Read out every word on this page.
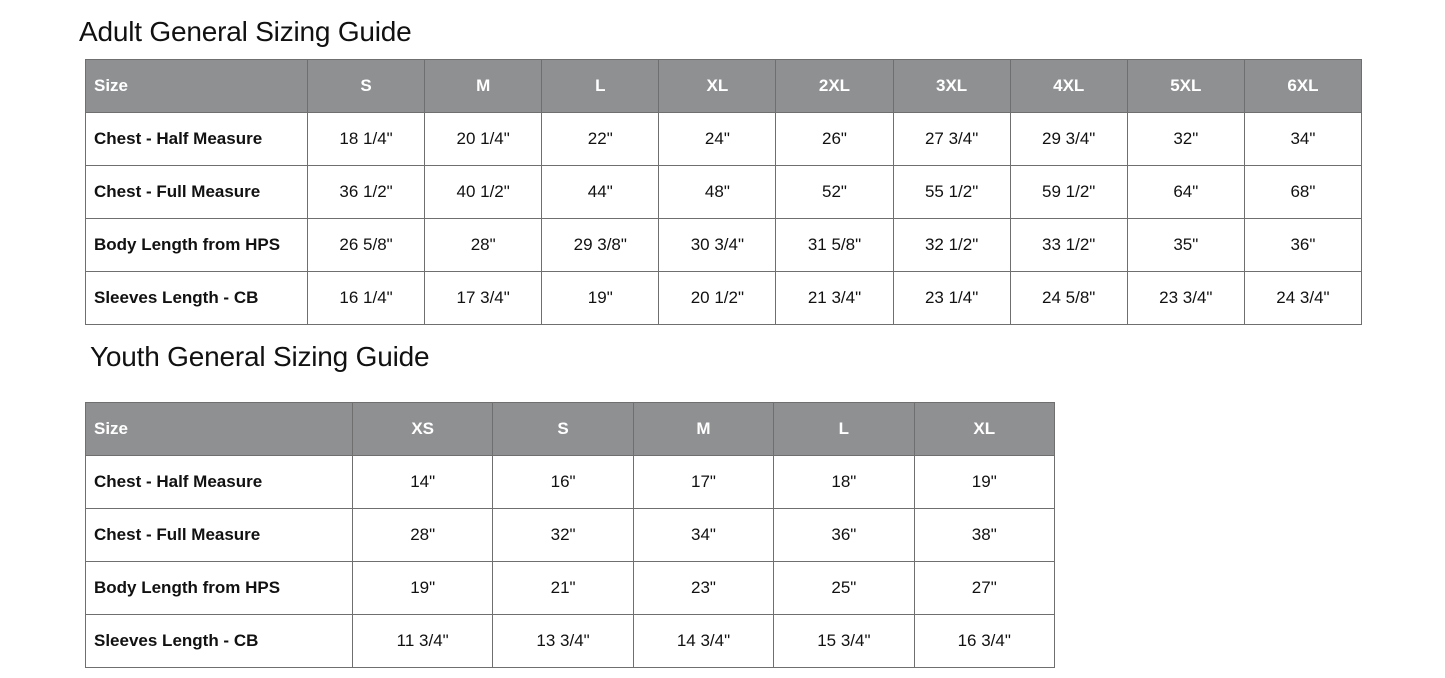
Adult General Sizing Guide
Size	S	M	L	XL	2XL	3XL	4XL	5XL	6XL
Chest - Half Measure	18 1/4"	20 1/4"	22"	24"	26"	27 3/4"	29 3/4"	32"	34"
Chest - Full Measure	36 1/2"	40 1/2"	44"	48"	52"	55 1/2"	59 1/2"	64"	68"
Body Length from HPS	26 5/8"	28"	29 3/8"	30 3/4"	31 5/8"	32 1/2"	33 1/2"	35"	36"
Sleeves Length - CB	16 1/4"	17 3/4"	19"	20 1/2"	21 3/4"	23 1/4"	24 5/8"	23 3/4"	24 3/4"
Youth General Sizing Guide
Size	XS	S	M	L	XL
Chest - Half Measure	14"	16"	17"	18"	19"
Chest - Full Measure	28"	32"	34"	36"	38"
Body Length from HPS	19"	21"	23"	25"	27"
Sleeves Length - CB	11 3/4"	13 3/4"	14 3/4"	15 3/4"	16 3/4"
